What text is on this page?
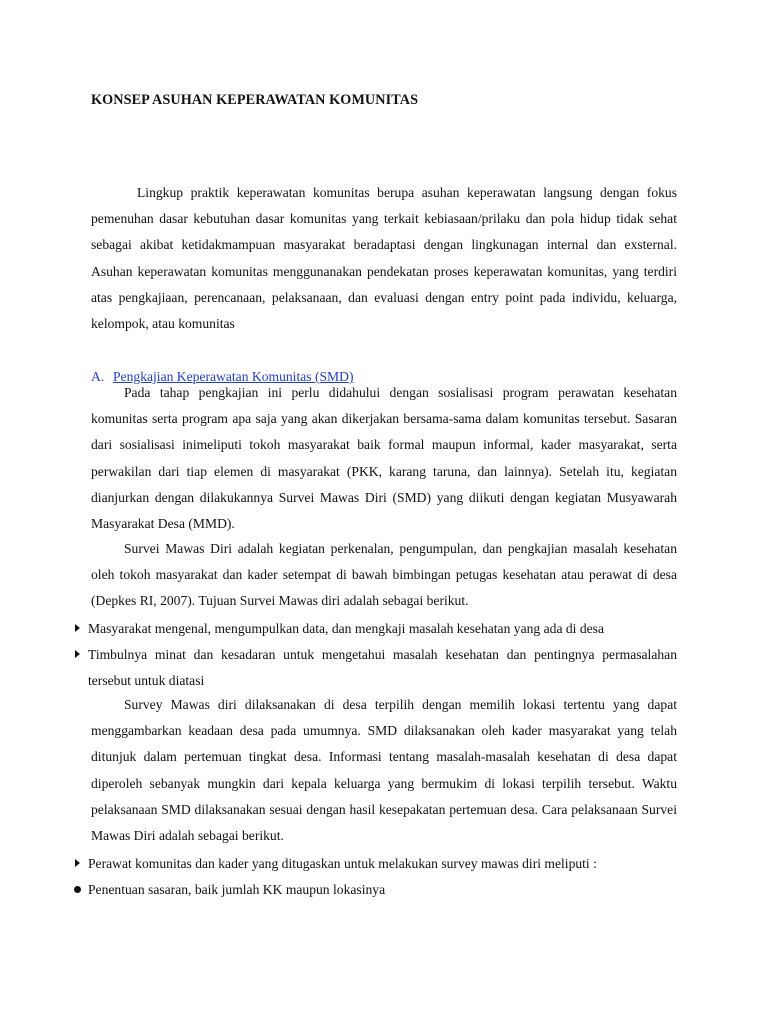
KONSEP ASUHAN KEPERAWATAN KOMUNITAS
Lingkup praktik keperawatan komunitas berupa asuhan keperawatan langsung dengan fokus pemenuhan dasar kebutuhan dasar komunitas yang terkait kebiasaan/prilaku dan pola hidup tidak sehat sebagai akibat ketidakmampuan masyarakat beradaptasi dengan lingkunagan internal dan exsternal. Asuhan keperawatan komunitas menggunanakan pendekatan proses keperawatan komunitas, yang terdiri atas pengkajiaan, perencanaan, pelaksanaan, dan evaluasi dengan entry point pada individu, keluarga, kelompok, atau komunitas
A. Pengkajian Keperawatan Komunitas (SMD)
Pada tahap pengkajian ini perlu didahului dengan sosialisasi program perawatan kesehatan komunitas serta program apa saja yang akan dikerjakan bersama-sama dalam komunitas tersebut. Sasaran dari sosialisasi inimeliputi tokoh masyarakat baik formal maupun informal, kader masyarakat, serta perwakilan dari tiap elemen di masyarakat (PKK, karang taruna, dan lainnya). Setelah itu, kegiatan dianjurkan dengan dilakukannya Survei Mawas Diri (SMD) yang diikuti dengan kegiatan Musyawarah Masyarakat Desa (MMD).
Survei Mawas Diri adalah kegiatan perkenalan, pengumpulan, dan pengkajian masalah kesehatan oleh tokoh masyarakat dan kader setempat di bawah bimbingan petugas kesehatan atau perawat di desa (Depkes RI, 2007). Tujuan Survei Mawas diri adalah sebagai berikut.
Masyarakat mengenal, mengumpulkan data, dan mengkaji masalah kesehatan yang ada di desa
Timbulnya minat dan kesadaran untuk mengetahui masalah kesehatan dan pentingnya permasalahan tersebut untuk diatasi
Survey Mawas diri dilaksanakan di desa terpilih dengan memilih lokasi tertentu yang dapat menggambarkan keadaan desa pada umumnya. SMD dilaksanakan oleh kader masyarakat yang telah ditunjuk dalam pertemuan tingkat desa. Informasi tentang masalah-masalah kesehatan di desa dapat diperoleh sebanyak mungkin dari kepala keluarga yang bermukim di lokasi terpilih tersebut. Waktu pelaksanaan SMD dilaksanakan sesuai dengan hasil kesepakatan pertemuan desa. Cara pelaksanaan Survei Mawas Diri adalah sebagai berikut.
Perawat komunitas dan kader yang ditugaskan untuk melakukan survey mawas diri meliputi :
Penentuan sasaran, baik jumlah KK maupun lokasinya
